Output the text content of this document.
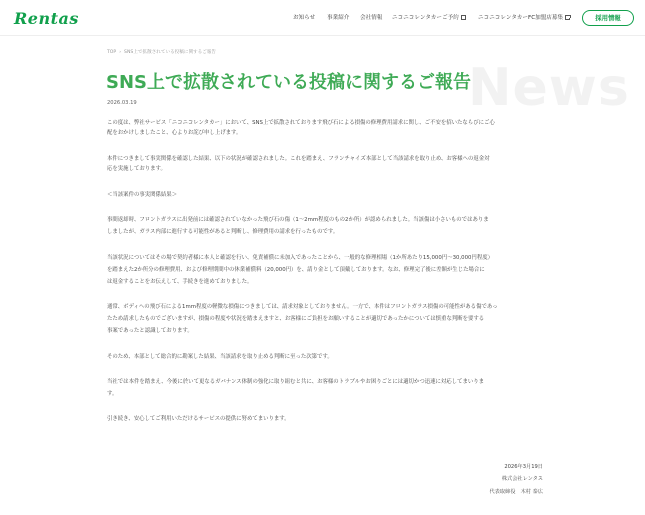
Rentas	お知らせ 事業紹介 会社情報 ニコニコレンタカーご予約	ニコニコレンタカーFC加盟店募集	採用情報
TOP › SNS上で拡散されている投稿に関するご報告
News
SNS上で拡散されている投稿に関するご報告
2026.03.19
この度は、弊社サービス「ニコニコレンタカー」において、SNS上で拡散されております飛び石による損傷の修理費用請求に関し、ご不安を招いたならびにご心
配をおかけしましたこと、心よりお詫び申し上げます。
本件につきまして事実関係を確認した結果、以下の状況が確認されました。これを踏まえ、フランチャイズ本部として当該請求を取り止め、お客様への返金対
応を実施しております。
＜当該案件の事実関係結果＞
事間返却時、フロントガラスに出発前には確認されていなかった飛び石の傷（1〜2mm程度のもの2か所）が認められました。当該傷は小さいものではありま
しましたが、ガラス内部に進行する可能性があると判断し、修理費用の請求を行ったものです。
当該状況についてはその場で契約者様に本人と確認を行い、免責補償に未加入であったことから、一般的な修理相場（1か所あたり15,000円〜30,000円程度）
を踏まえた2か所分の修理費用、および修理期間中の休業補償料（20,000円）を、請り金として頂戴しております。なお、修理完了後に差額が生じた場合に
は返金することをお伝えして、手続きを進めておりました。
通常、ボディへの飛び石による1mm程度の軽微な損傷につきましては、請求対象としておりません。一方で、本件はフロントガラス損傷の可能性がある傷であっ
たため請求したものでございますが、損傷の程度や状況を踏まえますと、お客様にご負担をお願いすることが適切であったかについては慎重な判断を要する
事案であったと認識しております。
そのため、本部として総合的に勘案した結果、当該請求を取り止める判断に至った次第です。
当社では本件を踏まえ、今後に於いて更なるガバナンス体制の強化に取り組むと共に、お客様のトラブルやお困りごとには適切かつ迅速に対応してまいりま
す。
引き続き、安心してご利用いただけるサービスの提供に努めてまいります。
2026年3月19日
株式会社レンタス
代表取締役　木村 泰広
